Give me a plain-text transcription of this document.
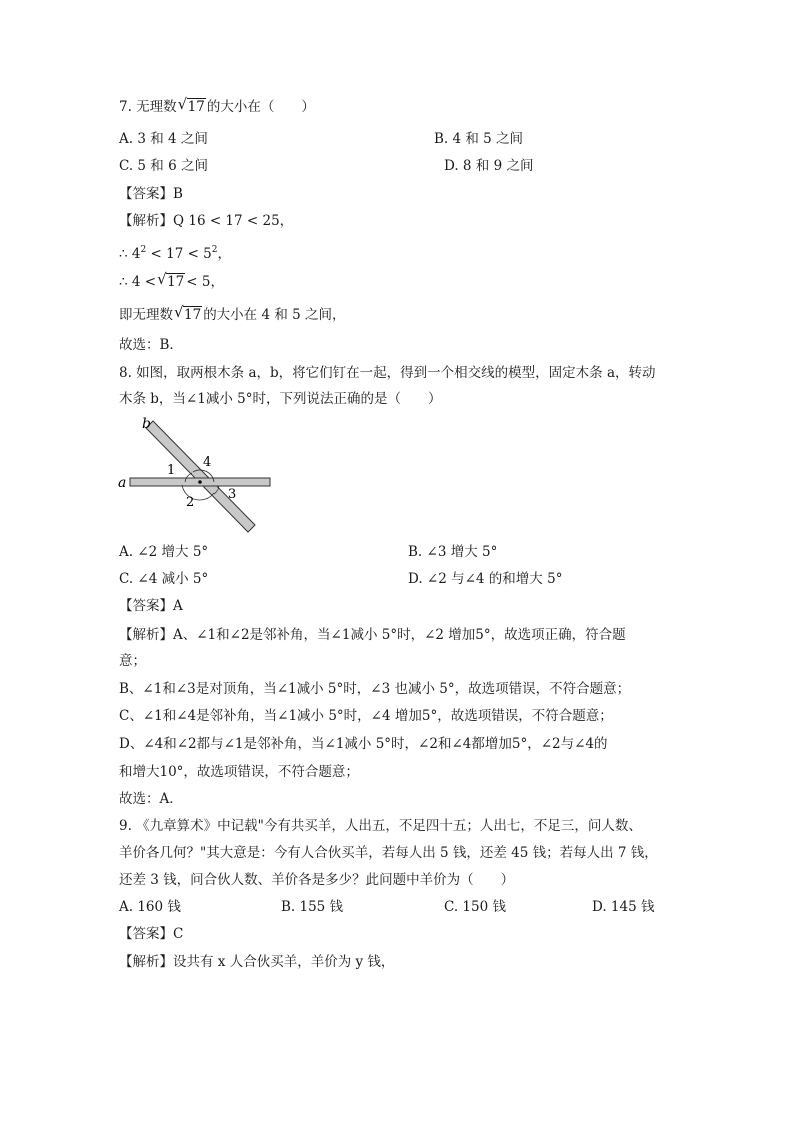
7. 无理数 √ 17 的大小在（　　）
A. 3 和 4 之间	B. 4 和 5 之间
C. 5 和 6 之间	D. 8 和 9 之间
【答案】B
【解析】Q 16 < 17 < 25，
∴ $4^2 < 17 < 5^2$，
∴ 4 < √ 17 < 5，
即无理数 √ 17 的大小在 4 和 5 之间，
故选：B．
8. 如图，取两根木条 a，b，将它们钉在一起，得到一个相交线的模型，固定木条 a，转动
木条 b，当∠1减小 5°时，下列说法正确的是（　　）
a
b
1
4
2
3
A. ∠2 增大 5°	B. ∠3 增大 5°
C. ∠4 减小 5°	D. ∠2 与∠4 的和增大 5°
【答案】A
【解析】A、∠1和∠2是邻补角，当∠1减小 5°时，∠2 增加5°，故选项正确，符合题
意；
B、∠1和∠3是对顶角，当∠1减小 5°时，∠3 也减小 5°，故选项错误，不符合题意；
C、∠1和∠4是邻补角，当∠1减小 5°时，∠4 增加5°，故选项错误，不符合题意；
D、∠4和∠2都与∠1是邻补角，当∠1减小 5°时，∠2和∠4都增加5°，∠2与∠4的
和增大10°，故选项错误，不符合题意；
故选：A．
9. 《九章算术》中记载"今有共买羊，人出五，不足四十五；人出七，不足三，问人数、
羊价各几何？"其大意是：今有人合伙买羊，若每人出 5 钱，还差 45 钱；若每人出 7 钱，
还差 3 钱，问合伙人数、羊价各是多少？此问题中羊价为（　　）
A. 160 钱	B. 155 钱	C. 150 钱	D. 145 钱
【答案】C
【解析】设共有 x 人合伙买羊，羊价为 y 钱，
